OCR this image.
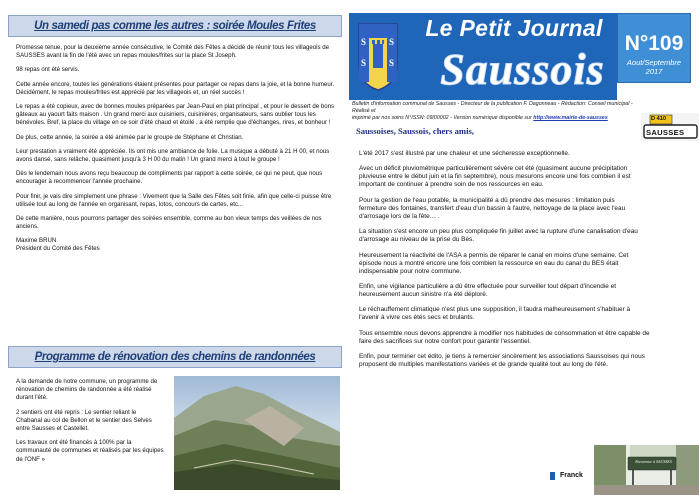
Un samedi pas comme les autres : soirée Moules Frites

Promesse tenue, pour la deuxième année consécutive, le Comité des Fêtes a décidé de réunir tous les villageois de SAUSSES avant la fin de l'été avec un repas moules/frites sur la place St Joseph.

98 repas ont été servis.

Cette année encore, toutes les générations étaient présentes pour partager ce repas dans la joie, et la bonne humeur. Décidément, le repas moules/frites est apprécié par les villageois et, un réel succès !

Le repas a été copieux, avec de bonnes moules préparées par Jean-Paul en plat principal , et pour le dessert de bons gâteaux au yaourt faits maison . Un grand merci aux cuisiniers, cuisinières, organisateurs, sans oublier tous les bénévoles. Bref, la place du village en ce soir d'été chaud et étoilé , a été remplie que d'échanges, rires, et bonheur !

De plus, cette année, la soirée a été animée par le groupe de Stéphane et Christian.

Leur prestation a vraiment été appréciée. Ils ont mis une ambiance de folie. La musique a débuté à 21 H 00, et nous avons dansé, sans relâche, quasiment jusqu'à 3 H 00 du matin ! Un grand merci à tout le groupe !

Dès le lendemain nous avons reçu beaucoup de compliments par rapport à cette soirée, ce qui ne peut, que nous encourager à recommencer l'année prochaine.

Pour finir, je vais dire simplement une phrase : Vivement que la Salle des Fêtes soit finie, afin que celle-ci puisse être utilisée tout au long de l'année en organisant, repas, lotos, concours de cartes, etc...

De cette manière, nous pourrons partager des soirées ensemble, comme au bon vieux temps des veillées de nos anciens.

Maxime BRUN

Président du Comité des Fêtes

Programme de rénovation des chemins de randonnées

A la demande de notre commune, un programme de rénovation de chemins de randonnée a été réalisé durant l'été.

2 sentiers ont été repris : Le sentier reliant le Chabanal au col de Bellon et le sentier des Selves entre Sausses et Castellet.

Les travaux ont été financés à 100% par la communauté de communes et réalisés par les équipes de l'ONF »

S	S
S	S
Le Petit Journal
Saussois
N°109
Aout/Septembre
2017
Bulletin d'information communal de Sausses - Directeur de la publication F. Dagonneau - Rédaction: Conseil municipal - Réalisé et
imprimé par nos soins N°ISSN: 09/00002 - Version numérique disponible sur http://www.mairie-de-sausses	D 410
SAUSSES
Saussoises, Saussois, chers amis,

L'été 2017 s'est illustré par une chaleur et une sécheresse exceptionnelle.

Avec un déficit pluviométrique particulièrement sévère cet été (quasiment aucune précipitation pluvieuse entre le début juin et la fin septembre), nous mesurons encore une fois combien il est important de continuer à prendre soin de nos ressources en eau.

Pour la gestion de l'eau potable, la municipalité a dû prendre des mesures : limitation puis fermeture des fontaines, transfert d'eau d'un bassin à l'autre, nettoyage de la place avec l'eau d'arrosage lors de la fête… .

La situation s'est encore un peu plus compliquée fin juillet avec la rupture d'une canalisation d'eau d'arrosage au niveau de la prise du Bès.

Heureusement la réactivité de l'ASA a permis de réparer le canal en moins d'une semaine. Cet épisode nous a montré encore une fois combien la ressource en eau du canal du BES était indispensable pour notre commune.

Enfin, une vigilance particulière a dû être effectuée pour surveiller tout départ d'incendie et heureusement aucun sinistre n'a été déploré.

Le réchauffement climatique n'est plus une supposition, il faudra malheureusement s'habituer à l'avenir à vivre ces étés secs et brulants.

Tous ensemble nous devons apprendre à modifier nos habitudes de consommation et être capable de faire des sacrifices sur notre confort pour garantir l'essentiel.

Enfin, pour terminer cet édito, je tiens à remercier sincèrement les associations Saussoises qui nous proposent de multiples manifestations variées et de grande qualité tout au long de l'été.

Franck
Bienvenue à SAUSSES
